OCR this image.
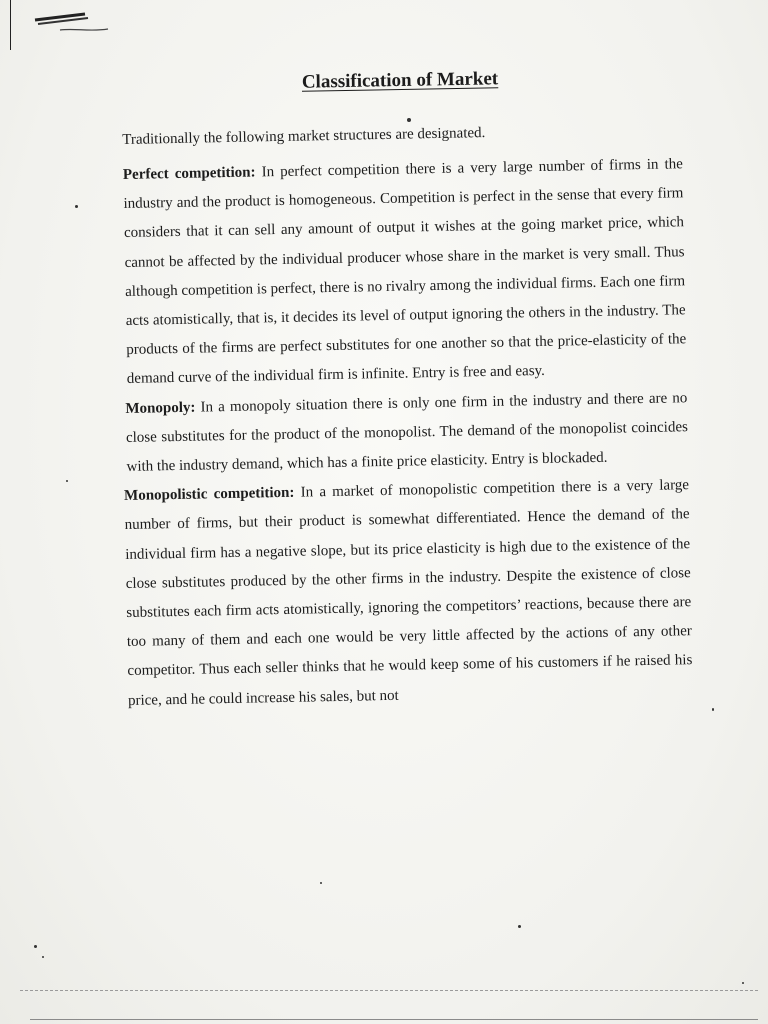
Classification of Market

Traditionally the following market structures are designated.

Perfect competition: In perfect competition there is a very large number of firms in the industry and the product is homogeneous. Competition is perfect in the sense that every firm considers that it can sell any amount of output it wishes at the going market price, which cannot be affected by the individual producer whose share in the market is very small. Thus although competition is perfect, there is no rivalry among the individual firms. Each one firm acts atomistically, that is, it decides its level of output ignoring the others in the industry. The products of the firms are perfect substitutes for one another so that the price-elasticity of the demand curve of the individual firm is infinite. Entry is free and easy.

Monopoly: In a monopoly situation there is only one firm in the industry and there are no close substitutes for the product of the monopolist. The demand of the monopolist coincides with the industry demand, which has a finite price elasticity. Entry is blockaded.

Monopolistic competition: In a market of monopolistic competition there is a very large number of firms, but their product is somewhat differentiated. Hence the demand of the individual firm has a negative slope, but its price elasticity is high due to the existence of the close substitutes produced by the other firms in the industry. Despite the existence of close substitutes each firm acts atomistically, ignoring the competitors’ reactions, because there are too many of them and each one would be very little affected by the actions of any other competitor. Thus each seller thinks that he would keep some of his customers if he raised his price, and he could increase his sales, but not
